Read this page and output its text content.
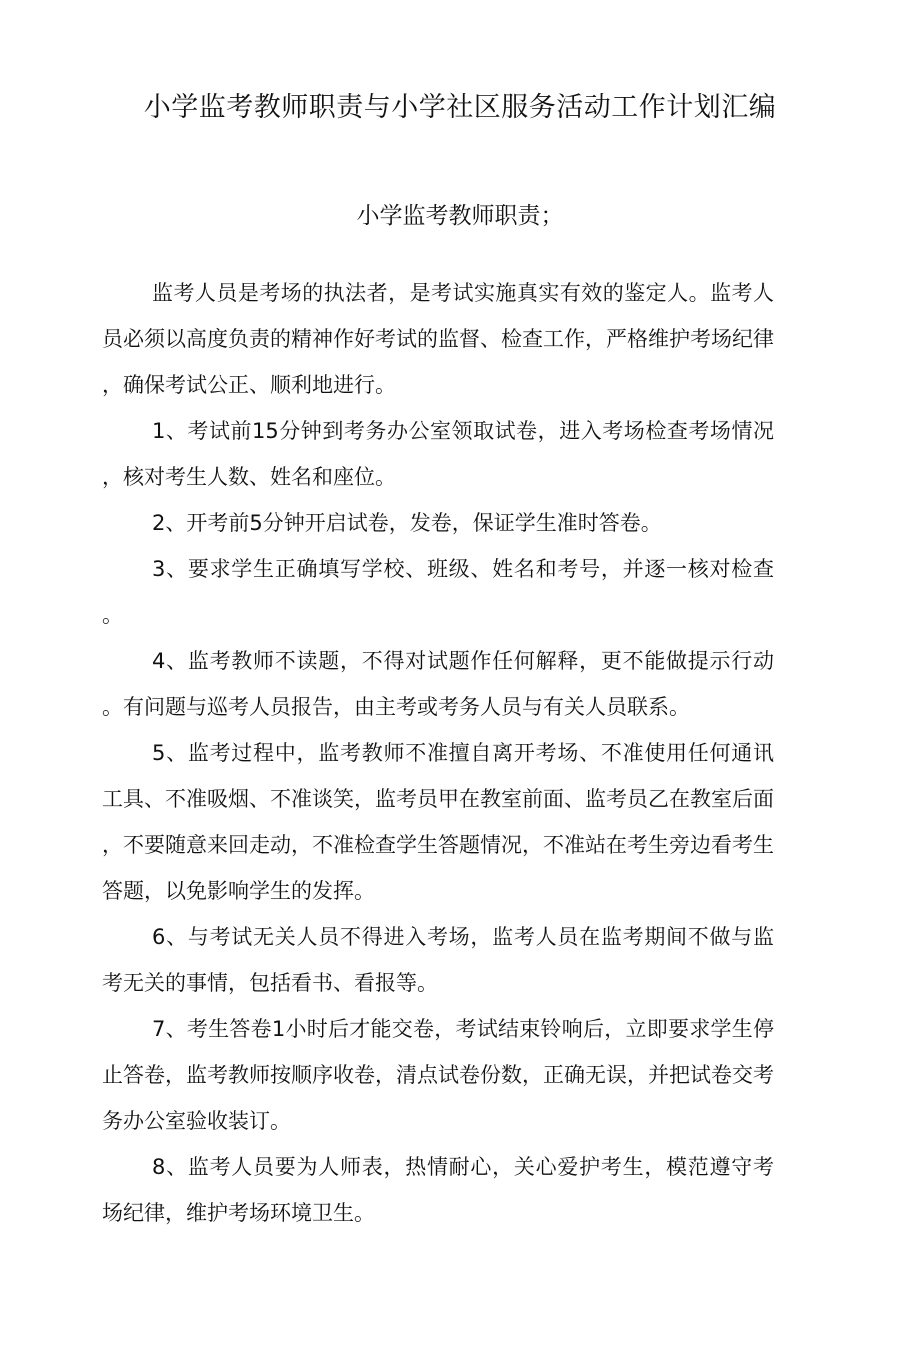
小学监考教师职责与小学社区服务活动工作计划汇编
小学监考教师职责；

监考人员是考场的执法者，是考试实施真实有效的鉴定人。监考人员必须以高度负责的精神作好考试的监督、检查工作，严格维护考场纪律，确保考试公正、顺利地进行。

1、考试前15分钟到考务办公室领取试卷，进入考场检查考场情况，核对考生人数、姓名和座位。

2、开考前5分钟开启试卷，发卷，保证学生准时答卷。

3、要求学生正确填写学校、班级、姓名和考号，并逐一核对检查。

4、监考教师不读题，不得对试题作任何解释，更不能做提示行动。有问题与巡考人员报告，由主考或考务人员与有关人员联系。

5、监考过程中，监考教师不准擅自离开考场、不准使用任何通讯工具、不准吸烟、不准谈笑，监考员甲在教室前面、监考员乙在教室后面，不要随意来回走动，不准检查学生答题情况，不准站在考生旁边看考生答题，以免影响学生的发挥。

6、与考试无关人员不得进入考场，监考人员在监考期间不做与监考无关的事情，包括看书、看报等。

7、考生答卷1小时后才能交卷，考试结束铃响后，立即要求学生停止答卷，监考教师按顺序收卷，清点试卷份数，正确无误，并把试卷交考务办公室验收装订。

8、监考人员要为人师表，热情耐心，关心爱护考生，模范遵守考场纪律，维护考场环境卫生。
